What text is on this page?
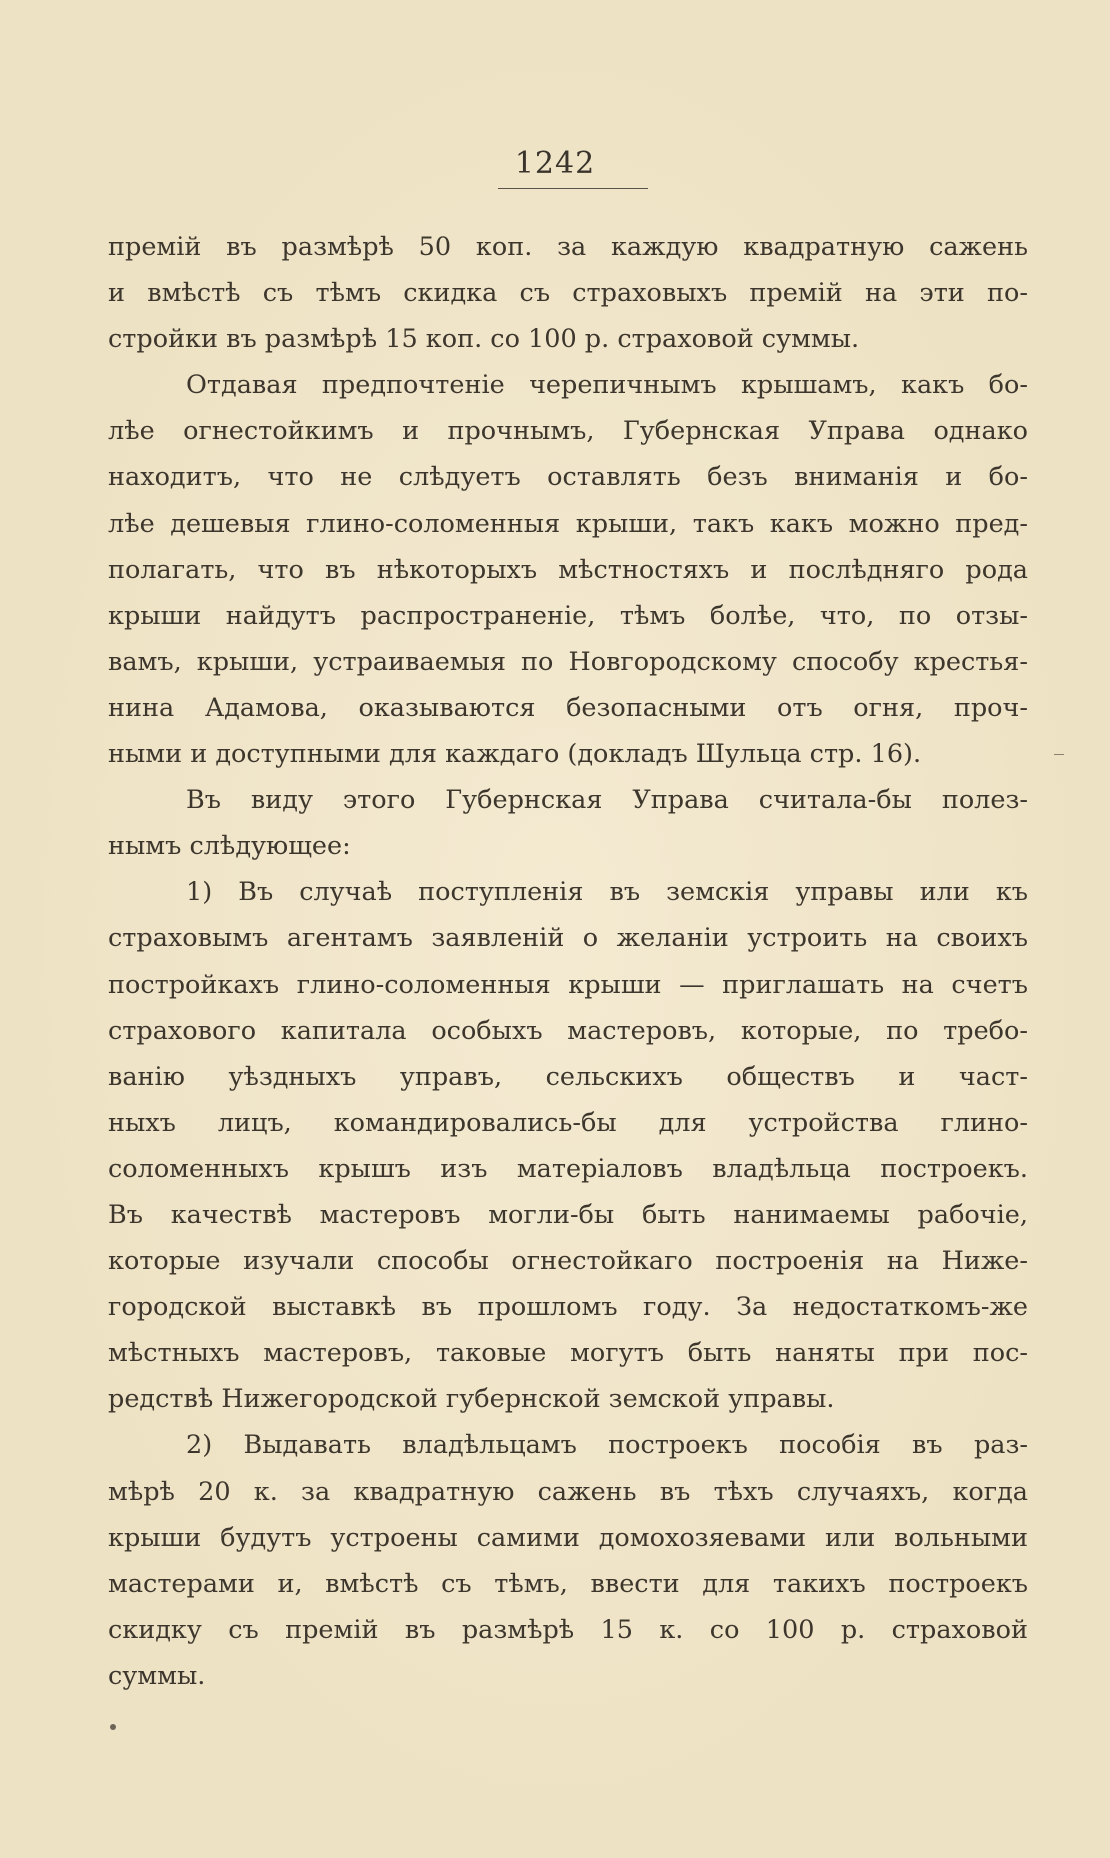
1242
премій въ размѣрѣ 50 коп. за каждую квадратную сажень
и вмѣстѣ съ тѣмъ скидка съ страховыхъ премій на эти по-
стройки въ размѣрѣ 15 коп. со 100 р. страховой суммы.
Отдавая предпочтеніе черепичнымъ крышамъ, какъ бо-
лѣе огнестойкимъ и прочнымъ, Губернская Управа однако
находитъ, что не слѣдуетъ оставлять безъ вниманія и бо-
лѣе дешевыя глино-соломенныя крыши, такъ какъ можно пред-
полагать, что въ нѣкоторыхъ мѣстностяхъ и послѣдняго рода
крыши найдутъ распространеніе, тѣмъ болѣе, что, по отзы-
вамъ, крыши, устраиваемыя по Новгородскому способу крестья-
нина Адамова, оказываются безопасными отъ огня, проч-
ными и доступными для каждаго (докладъ Шульца стр. 16).
Въ виду этого Губернская Управа считала-бы полез-
нымъ слѣдующее:
1) Въ случаѣ поступленія въ земскія управы или къ
страховымъ агентамъ заявленій о желаніи устроить на своихъ
постройкахъ глино-соломенныя крыши — приглашать на счетъ
страхового капитала особыхъ мастеровъ, которые, по требо-
ванію уѣздныхъ управъ, сельскихъ обществъ и част-
ныхъ лицъ, командировались-бы для устройства глино-
соломенныхъ крышъ изъ матеріаловъ владѣльца построекъ.
Въ качествѣ мастеровъ могли-бы быть нанимаемы рабочіе,
которые изучали способы огнестойкаго построенія на Ниже-
городской выставкѣ въ прошломъ году. За недостаткомъ-же
мѣстныхъ мастеровъ, таковые могутъ быть наняты при пос-
редствѣ Нижегородской губернской земской управы.
2) Выдавать владѣльцамъ построекъ пособія въ раз-
мѣрѣ 20 к. за квадратную сажень въ тѣхъ случаяхъ, когда
крыши будутъ устроены самими домохозяевами или вольными
мастерами и, вмѣстѣ съ тѣмъ, ввести для такихъ построекъ
скидку съ премій въ размѣрѣ 15 к. со 100 р. страховой
суммы.
